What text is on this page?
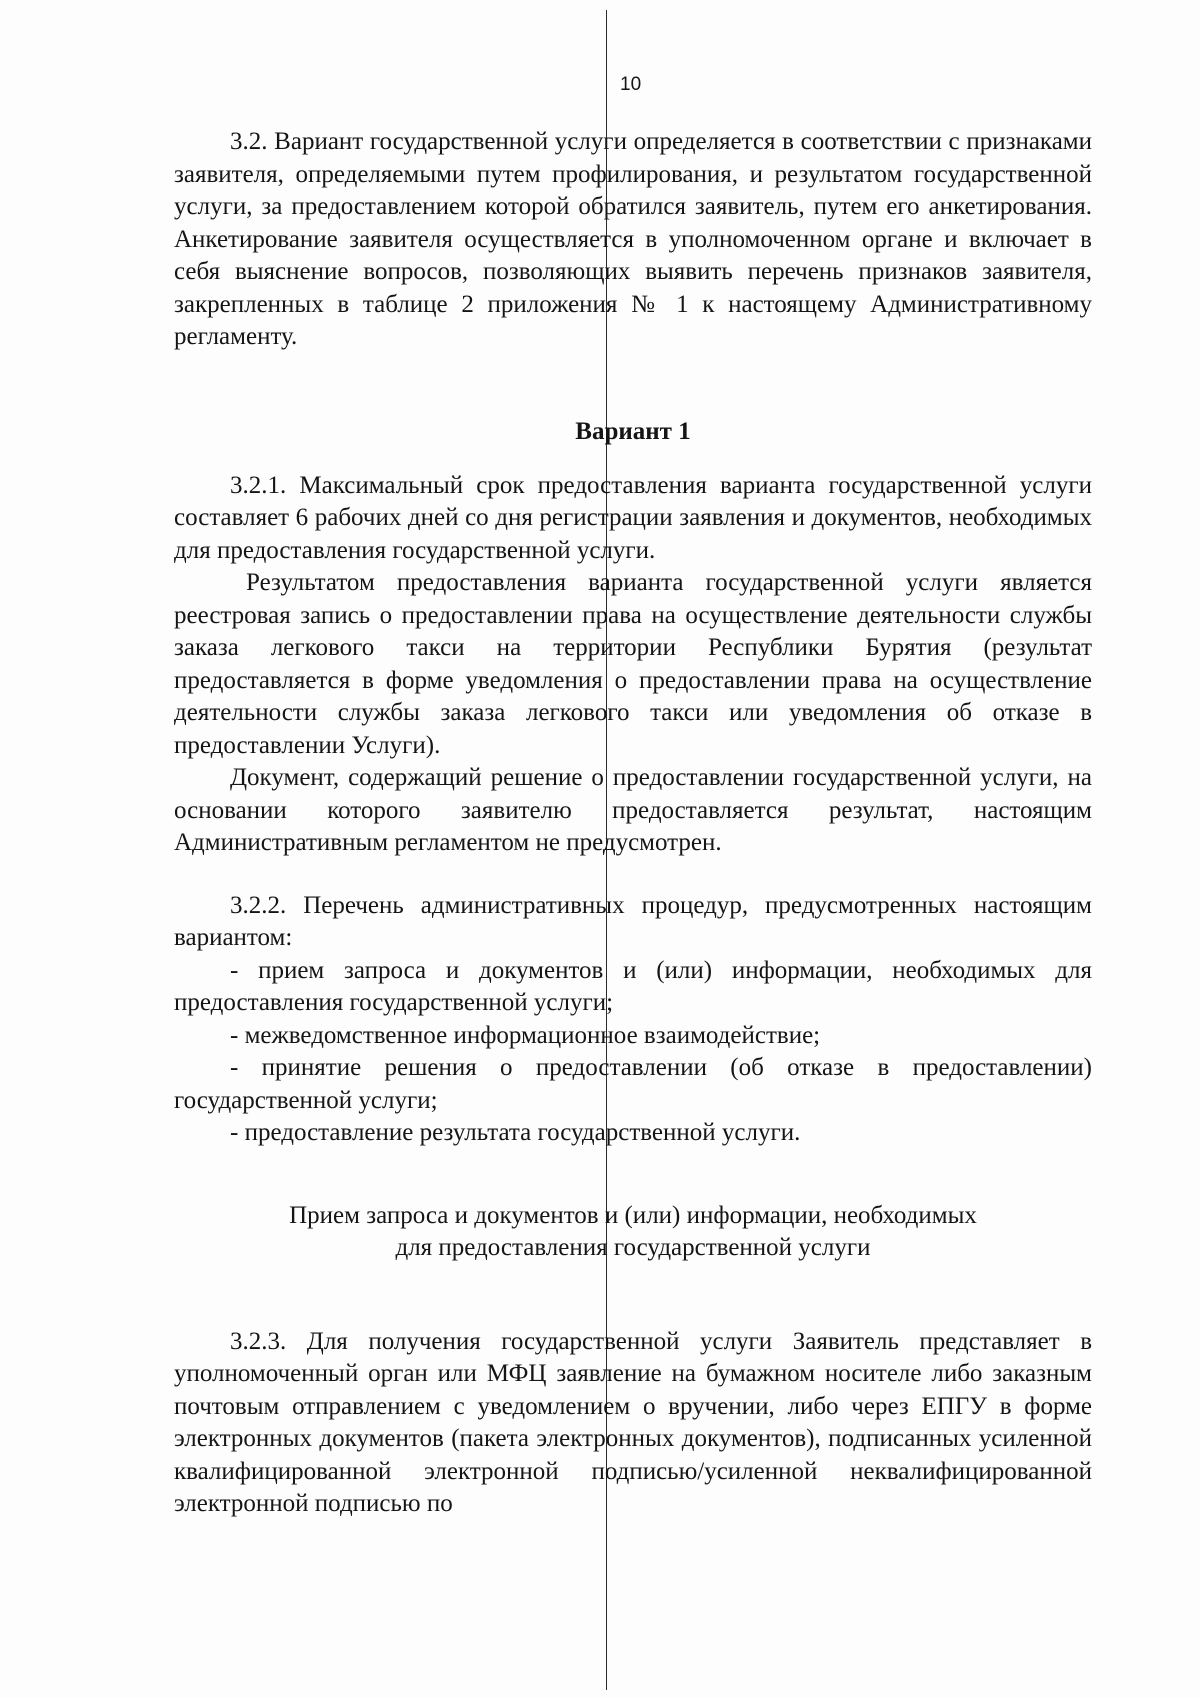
10

3.2. Вариант государственной услуги определяется в соответствии с признаками заявителя, определяемыми путем профилирования, и результатом государственной услуги, за предоставлением которой обратился заявитель, путем его анкетирования. Анкетирование заявителя осуществляется в уполномоченном органе и включает в себя выяснение вопросов, позволяющих выявить перечень признаков заявителя, закрепленных в таблице 2 приложения № 1 к настоящему Административному регламенту.

Вариант 1

3.2.1. Максимальный срок предоставления варианта государственной услуги составляет 6 рабочих дней со дня регистрации заявления и документов, необходимых для предоставления государственной услуги.

Результатом предоставления варианта государственной услуги является реестровая запись о предоставлении права на осуществление деятельности службы заказа легкового такси на территории Республики Бурятия (результат предоставляется в форме уведомления о предоставлении права на осуществление деятельности службы заказа легкового такси или уведомления об отказе в предоставлении Услуги).

Документ, содержащий решение о предоставлении государственной услуги, на основании которого заявителю предоставляется результат, настоящим Административным регламентом не предусмотрен.

3.2.2. Перечень административных процедур, предусмотренных настоящим вариантом:

- прием запроса и документов и (или) информации, необходимых для предоставления государственной услуги;

- межведомственное информационное взаимодействие;

- принятие решения о предоставлении (об отказе в предоставлении) государственной услуги;

- предоставление результата государственной услуги.

Прием запроса и документов и (или) информации, необходимых
для предоставления государственной услуги

3.2.3. Для получения государственной услуги Заявитель представляет в уполномоченный орган или МФЦ заявление на бумажном носителе либо заказным почтовым отправлением с уведомлением о вручении, либо через ЕПГУ в форме электронных документов (пакета электронных документов), подписанных усиленной квалифицированной электронной подписью/усиленной неквалифицированной электронной подписью по
